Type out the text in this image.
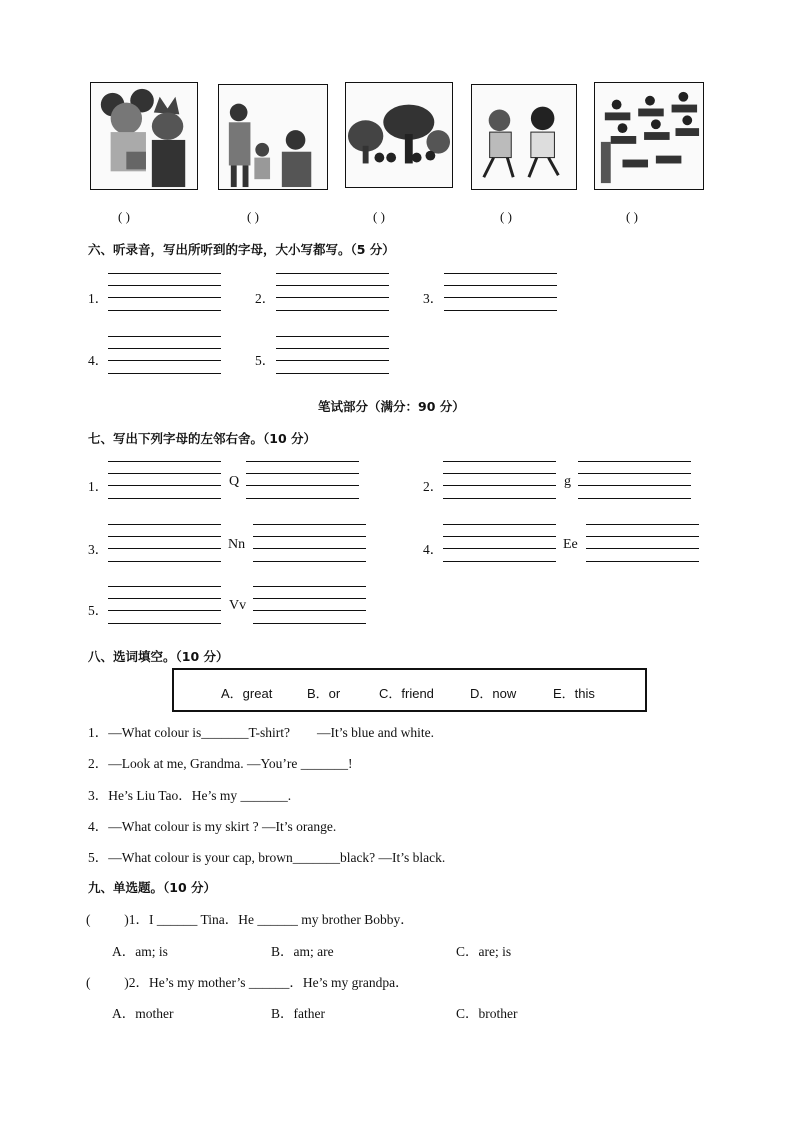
( )	( )	( )	( )	( )
六、听录音，写出所听到的字母，大小写都写。（5 分）
1．	2．	3．
4．	5．
笔试部分（满分：90 分）
七、写出下列字母的左邻右舍。（10 分）
1．	Q	2．	g
3．	Nn	4．	Ee
5．	Vv
八、选词填空。（10 分）
A．great	B．or	C．friend	D．now	E．this
1．—What colour is_______T-shirt?        —It’s blue and white.
2．—Look at me, Grandma. —You’re _______!
3．He’s Liu Tao．He’s my _______.
4．—What colour is my skirt ? —It’s orange.
5．—What colour is your cap, brown_______black? —It’s black.
九、单选题。（10 分）
(          )1．I ______ Tina．He ______ my brother Bobby．
A．am; is	B．am; are	C．are; is
(          )2．He’s my mother’s ______．He’s my grandpa．
A．mother	B．father	C．brother
